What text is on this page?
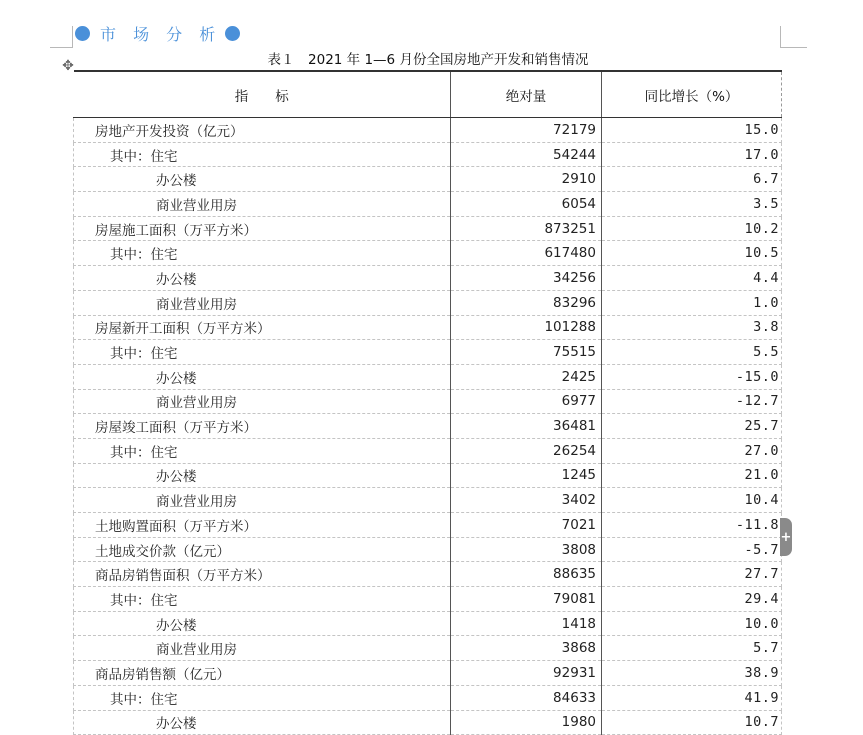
市 场 分 析
表１　2021 年 1—6 月份全国房地产开发和销售情况
✥
指　　标	绝对量	同比增长（%）
房地产开发投资（亿元）	72179	15.0
其中：住宅	54244	17.0
办公楼	2910	6.7
商业营业用房	6054	3.5
房屋施工面积（万平方米）	873251	10.2
其中：住宅	617480	10.5
办公楼	34256	4.4
商业营业用房	83296	1.0
房屋新开工面积（万平方米）	101288	3.8
其中：住宅	75515	5.5
办公楼	2425	-15.0
商业营业用房	6977	-12.7
房屋竣工面积（万平方米）	36481	25.7
其中：住宅	26254	27.0
办公楼	1245	21.0
商业营业用房	3402	10.4
土地购置面积（万平方米）	7021	-11.8
土地成交价款（亿元）	3808	-5.7
商品房销售面积（万平方米）	88635	27.7
其中：住宅	79081	29.4
办公楼	1418	10.0
商业营业用房	3868	5.7
商品房销售额（亿元）	92931	38.9
其中：住宅	84633	41.9
办公楼	1980	10.7
+
